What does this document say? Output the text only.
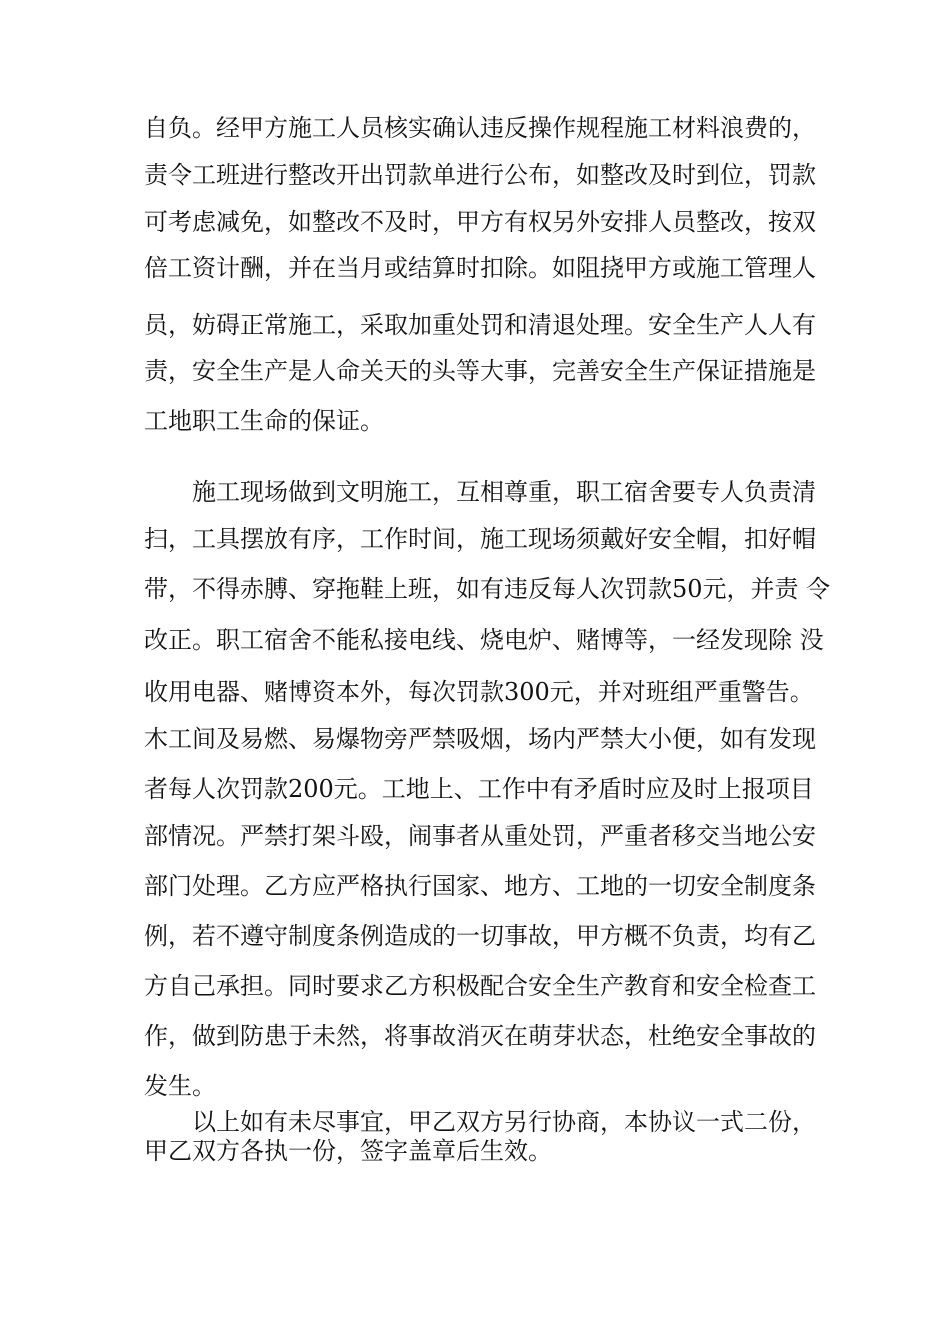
自负。经甲方施工人员核实确认违反操作规程施工材料浪费的，
责令工班进行整改开出罚款单进行公布，如整改及时到位，罚款
可考虑减免，如整改不及时，甲方有权另外安排人员整改，按双
倍工资计酬，并在当月或结算时扣除。如阻挠甲方或施工管理人
员，妨碍正常施工，采取加重处罚和清退处理。安全生产人人有
责，安全生产是人命关天的头等大事，完善安全生产保证措施是
工地职工生命的保证。
施工现场做到文明施工，互相尊重，职工宿舍要专人负责清
扫，工具摆放有序，工作时间，施工现场须戴好安全帽，扣好帽
带，不得赤膊、穿拖鞋上班，如有违反每人次罚款50元，并责 令
改正。职工宿舍不能私接电线、烧电炉、赌博等，一经发现除 没
收用电器、赌博资本外，每次罚款300元，并对班组严重警告。
木工间及易燃、易爆物旁严禁吸烟，场内严禁大小便，如有发现
者每人次罚款200元。工地上、工作中有矛盾时应及时上报项目
部情况。严禁打架斗殴，闹事者从重处罚，严重者移交当地公安
部门处理。乙方应严格执行国家、地方、工地的一切安全制度条
例，若不遵守制度条例造成的一切事故，甲方概不负责，均有乙
方自己承担。同时要求乙方积极配合安全生产教育和安全检查工
作，做到防患于未然，将事故消灭在萌芽状态，杜绝安全事故的
发生。
以上如有未尽事宜，甲乙双方另行协商，本协议一式二份，
甲乙双方各执一份，签字盖章后生效。
